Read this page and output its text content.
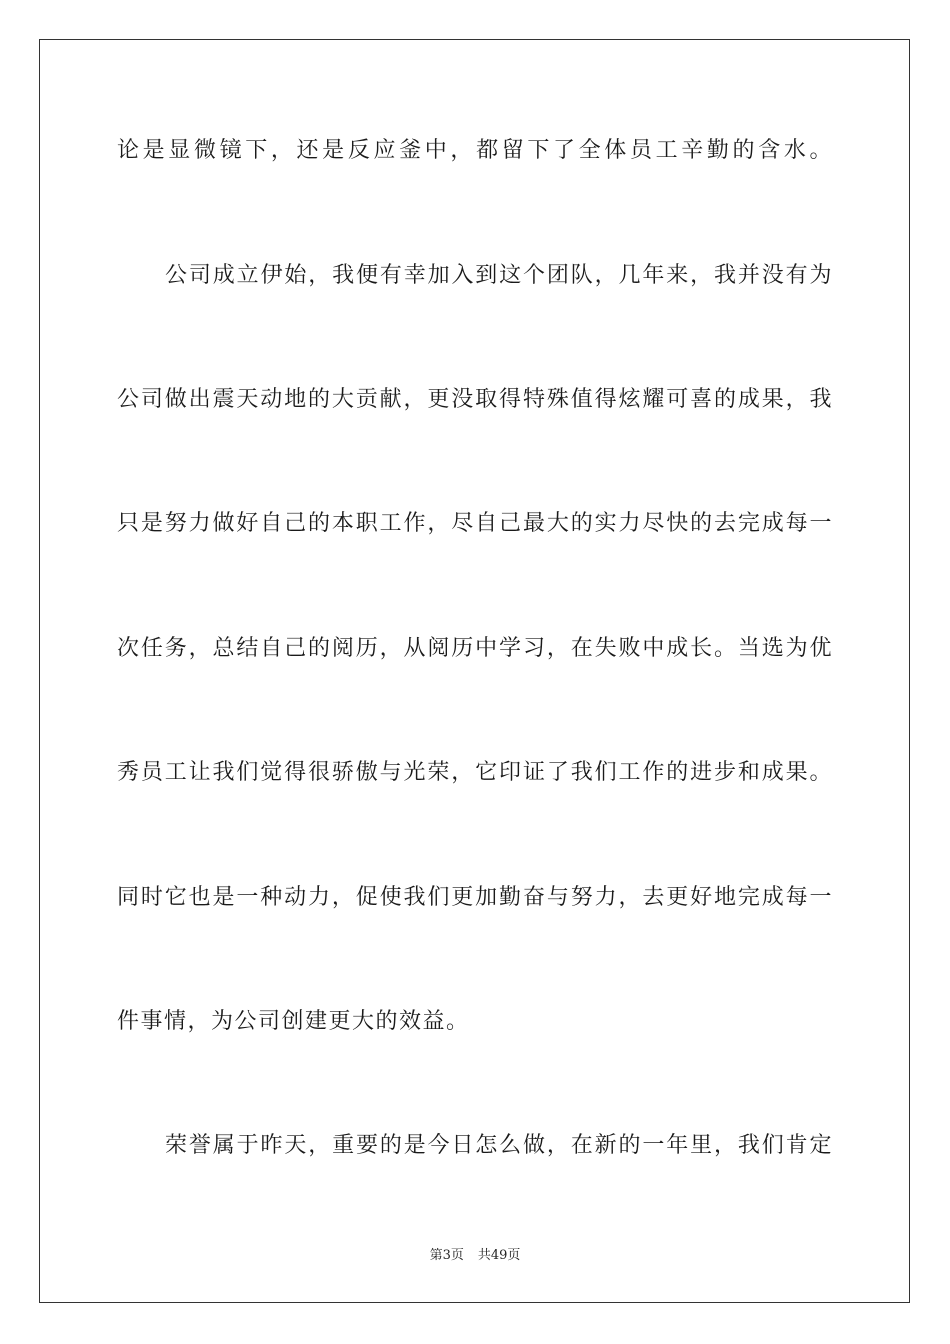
论是显微镜下，还是反应釜中，都留下了全体员工辛勤的含水。
公司成立伊始，我便有幸加入到这个团队，几年来，我并没有为
公司做出震天动地的大贡献，更没取得特殊值得炫耀可喜的成果，我
只是努力做好自己的本职工作，尽自己最大的实力尽快的去完成每一
次任务，总结自己的阅历，从阅历中学习，在失败中成长。当选为优
秀员工让我们觉得很骄傲与光荣，它印证了我们工作的进步和成果。
同时它也是一种动力，促使我们更加勤奋与努力，去更好地完成每一
件事情，为公司创建更大的效益。
荣誉属于昨天，重要的是今日怎么做，在新的一年里，我们肯定
第3页 共49页
